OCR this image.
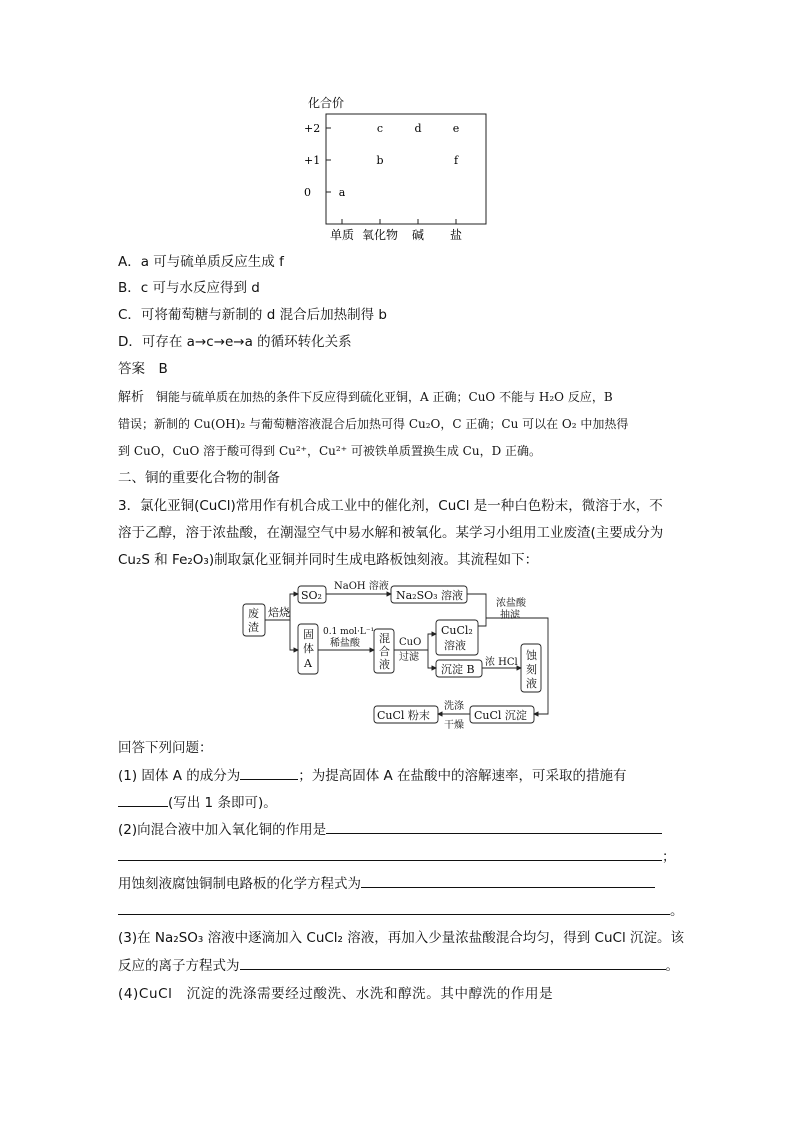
化合价
+2
+1
0
单质 氧化物 碱 盐
a
b
c	d	e
f
A．a 可与硫单质反应生成 f
B．c 可与水反应得到 d
C．可将葡萄糖与新制的 d 混合后加热制得 b
D．可存在 a→c→e→a 的循环转化关系
答案　 B
解析　 铜能与硫单质在加热的条件下反应得到硫化亚铜，A 正确；CuO 不能与 H₂O 反应，B
错误；新制的 Cu(OH)₂ 与葡萄糖溶液混合后加热可得 Cu₂O，C 正确；Cu 可以在 O₂ 中加热得
到 CuO，CuO 溶于酸可得到 Cu²⁺，Cu²⁺ 可被铁单质置换生成 Cu，D 正确。
二、铜的重要化合物的制备
3．氯化亚铜(CuCl)常用作有机合成工业中的催化剂，CuCl 是一种白色粉末，微溶于水，不
溶于乙醇，溶于浓盐酸，在潮湿空气中易水解和被氧化。某学习小组用工业废渣(主要成分为
Cu₂S 和 Fe₂O₃)制取氯化亚铜并同时生成电路板蚀刻液。其流程如下：
废
渣
焙烧
SO₂
NaOH 溶液
Na₂SO₃ 溶液
浓盐酸
抽滤
固
体
A
0.1 mol·L⁻¹
稀盐酸 混
合
液
CuO
过滤
CuCl₂
溶液
沉淀 B
浓 HCl
蚀
刻
液
CuCl 沉淀
洗涤
干燥
CuCl 粉末
回答下列问题：
(1) 固体 A 的成分为	；为提高固体 A 在盐酸中的溶解速率，可采取的措施有
(写出 1 条即可)。
(2)向混合液中加入氧化铜的作用是
；
用蚀刻液腐蚀铜制电路板的化学方程式为
。
(3)在 Na₂SO₃ 溶液中逐滴加入 CuCl₂ 溶液，再加入少量浓盐酸混合均匀，得到 CuCl 沉淀。该
反应的离子方程式为	。
(4)CuCl　沉淀的洗涤需要经过酸洗、水洗和醇洗。其中醇洗的作用是
